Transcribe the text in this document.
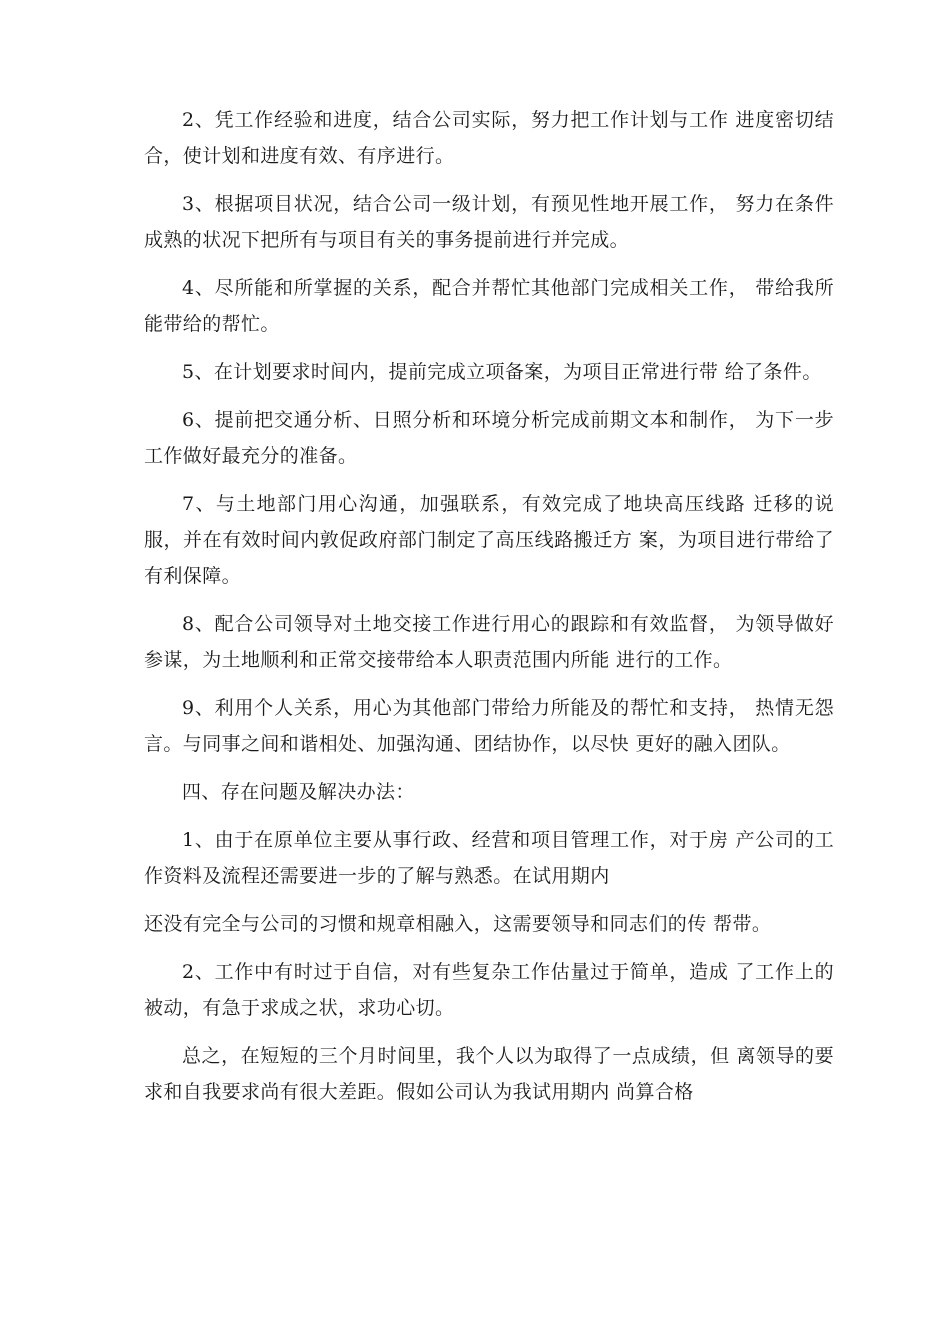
2、凭工作经验和进度，结合公司实际，努力把工作计划与工作 进度密切结合，使计划和进度有效、有序进行。

3、根据项目状况，结合公司一级计划，有预见性地开展工作， 努力在条件成熟的状况下把所有与项目有关的事务提前进行并完成。

4、尽所能和所掌握的关系，配合并帮忙其他部门完成相关工作， 带给我所能带给的帮忙。

5、在计划要求时间内，提前完成立项备案，为项目正常进行带 给了条件。

6、提前把交通分析、日照分析和环境分析完成前期文本和制作， 为下一步工作做好最充分的准备。

7、与土地部门用心沟通，加强联系，有效完成了地块高压线路 迁移的说服，并在有效时间内敦促政府部门制定了高压线路搬迁方 案，为项目进行带给了有利保障。

8、配合公司领导对土地交接工作进行用心的跟踪和有效监督， 为领导做好参谋，为土地顺利和正常交接带给本人职责范围内所能 进行的工作。

9、利用个人关系，用心为其他部门带给力所能及的帮忙和支持， 热情无怨言。与同事之间和谐相处、加强沟通、团结协作，以尽快 更好的融入团队。

四、存在问题及解决办法：

1、由于在原单位主要从事行政、经营和项目管理工作，对于房 产公司的工作资料及流程还需要进一步的了解与熟悉。在试用期内

还没有完全与公司的习惯和规章相融入，这需要领导和同志们的传 帮带。

2、工作中有时过于自信，对有些复杂工作估量过于简单，造成 了工作上的被动，有急于求成之状，求功心切。

总之，在短短的三个月时间里，我个人以为取得了一点成绩，但 离领导的要求和自我要求尚有很大差距。假如公司认为我试用期内 尚算合格
